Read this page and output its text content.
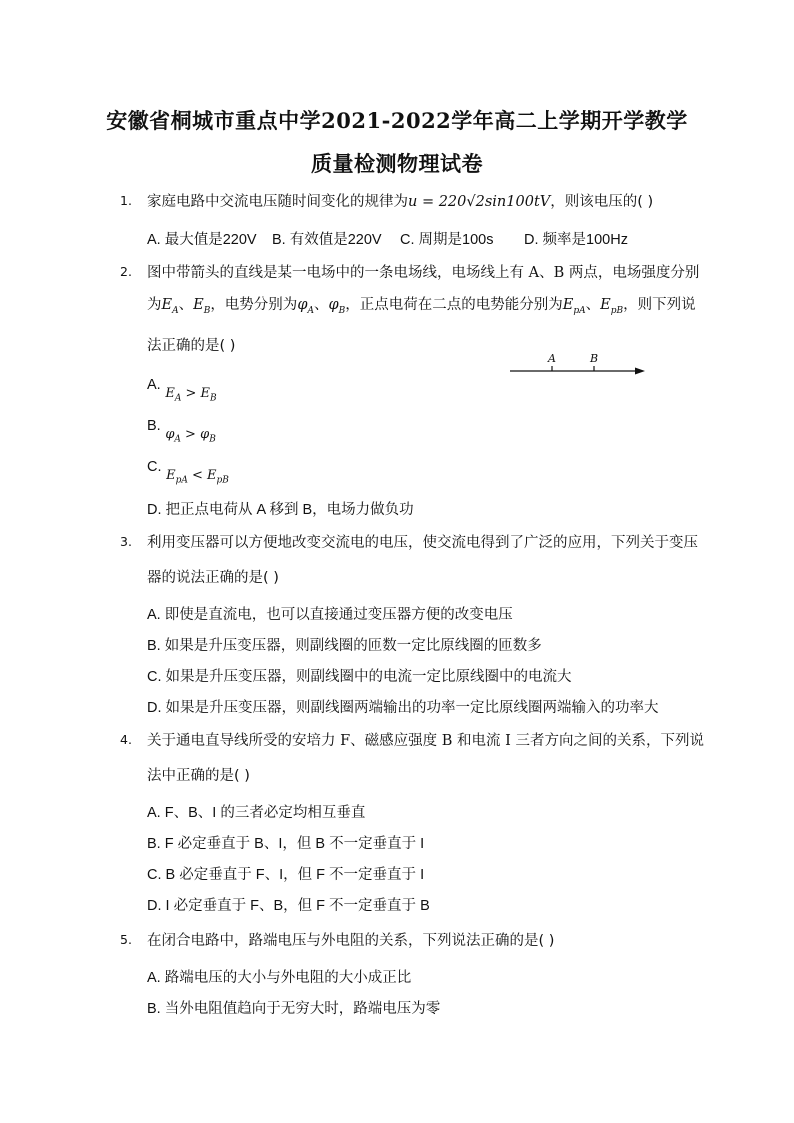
安徽省桐城市重点中学2021-2022学年高二上学期开学教学
质量检测物理试卷
1. 家庭电路中交流电压随时间变化的规律为u = 220√2sin100tV，则该电压的( )
A. 最大值是220V B. 有效值是220V C. 周期是100s D. 频率是100Hz
2. 图中带箭头的直线是某一电场中的一条电场线，电场线上有 A、B 两点，电场强度分别
为$E_A$、$E_B$，电势分别为$\varphi_A$、$\varphi_B$，正点电荷在二点的电势能分别为$E_{pA}$、$E_{pB}$，则下列说
法正确的是( )
A	B
A. $E_A > E_B$
B. $\varphi_A > \varphi_B$
C. $E_{pA} < E_{pB}$
D. 把正点电荷从 A 移到 B，电场力做负功
3. 利用变压器可以方便地改变交流电的电压，使交流电得到了广泛的应用，下列关于变压
器的说法正确的是( )
A. 即使是直流电，也可以直接通过变压器方便的改变电压
B. 如果是升压变压器，则副线圈的匝数一定比原线圈的匝数多
C. 如果是升压变压器，则副线圈中的电流一定比原线圈中的电流大
D. 如果是升压变压器，则副线圈两端输出的功率一定比原线圈两端输入的功率大
4. 关于通电直导线所受的安培力 F、磁感应强度 B 和电流 I 三者方向之间的关系，下列说
法中正确的是( )
A. F、B、I 的三者必定均相互垂直
B. F 必定垂直于 B、I，但 B 不一定垂直于 I
C. B 必定垂直于 F、I，但 F 不一定垂直于 I
D. I 必定垂直于 F、B，但 F 不一定垂直于 B
5. 在闭合电路中，路端电压与外电阻的关系，下列说法正确的是( )
A. 路端电压的大小与外电阻的大小成正比
B. 当外电阻值趋向于无穷大时，路端电压为零
